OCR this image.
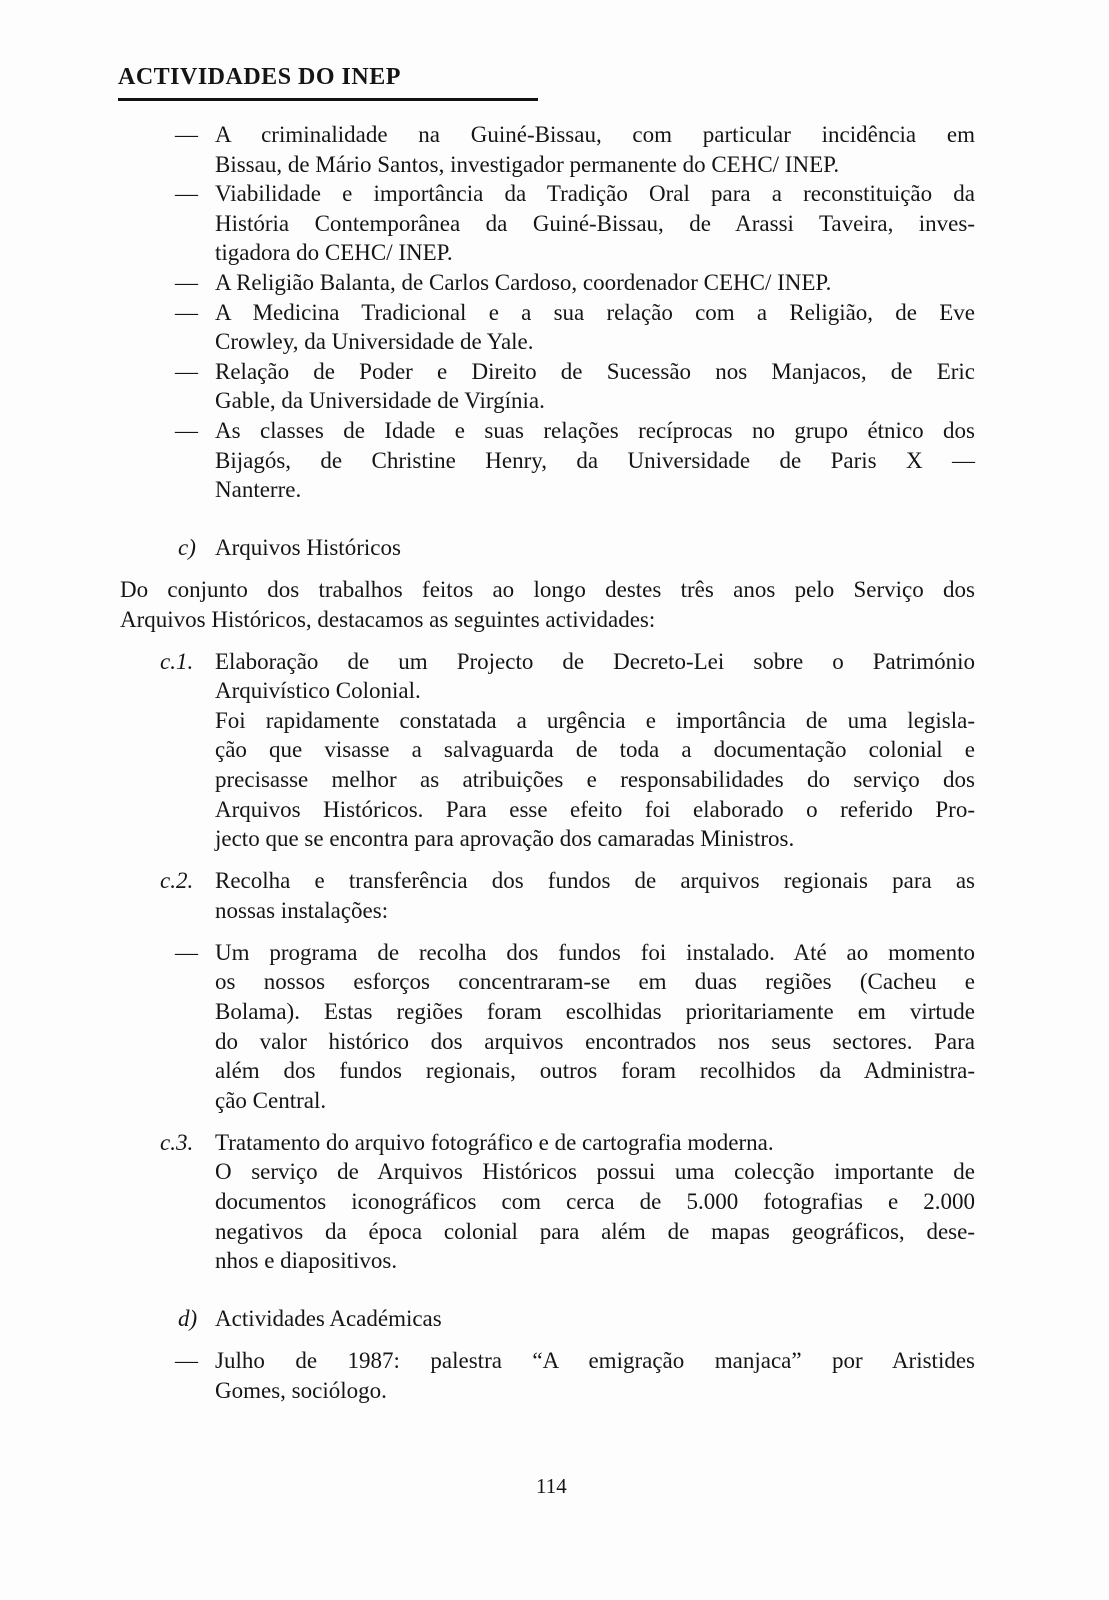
ACTIVIDADES DO INEP
— A criminalidade na Guiné-Bissau, com particular incidência em
Bissau, de Mário Santos, investigador permanente do CEHC/ INEP.
— Viabilidade e importância da Tradição Oral para a reconstituição da
História Contemporânea da Guiné-Bissau, de Arassi Taveira, inves-
tigadora do CEHC/ INEP.
— A Religião Balanta, de Carlos Cardoso, coordenador CEHC/ INEP.
— A Medicina Tradicional e a sua relação com a Religião, de Eve
Crowley, da Universidade de Yale.
— Relação de Poder e Direito de Sucessão nos Manjacos, de Eric
Gable, da Universidade de Virgínia.
— As classes de Idade e suas relações recíprocas no grupo étnico dos
Bijagós, de Christine Henry, da Universidade de Paris X —
Nanterre.
c) Arquivos Históricos
Do conjunto dos trabalhos feitos ao longo destes três anos pelo Serviço dos
Arquivos Históricos, destacamos as seguintes actividades:
c.1. Elaboração de um Projecto de Decreto-Lei sobre o Património
Arquivístico Colonial.
Foi rapidamente constatada a urgência e importância de uma legisla-
ção que visasse a salvaguarda de toda a documentação colonial e
precisasse melhor as atribuições e responsabilidades do serviço dos
Arquivos Históricos. Para esse efeito foi elaborado o referido Pro-
jecto que se encontra para aprovação dos camaradas Ministros.
c.2. Recolha e transferência dos fundos de arquivos regionais para as
nossas instalações:
— Um programa de recolha dos fundos foi instalado. Até ao momento
os nossos esforços concentraram-se em duas regiões (Cacheu e
Bolama). Estas regiões foram escolhidas prioritariamente em virtude
do valor histórico dos arquivos encontrados nos seus sectores. Para
além dos fundos regionais, outros foram recolhidos da Administra-
ção Central.
c.3. Tratamento do arquivo fotográfico e de cartografia moderna.
O serviço de Arquivos Históricos possui uma colecção importante de
documentos iconográficos com cerca de 5.000 fotografias e 2.000
negativos da época colonial para além de mapas geográficos, dese-
nhos e diapositivos.
d) Actividades Académicas
— Julho de 1987: palestra “A emigração manjaca” por Aristides
Gomes, sociólogo.
114
